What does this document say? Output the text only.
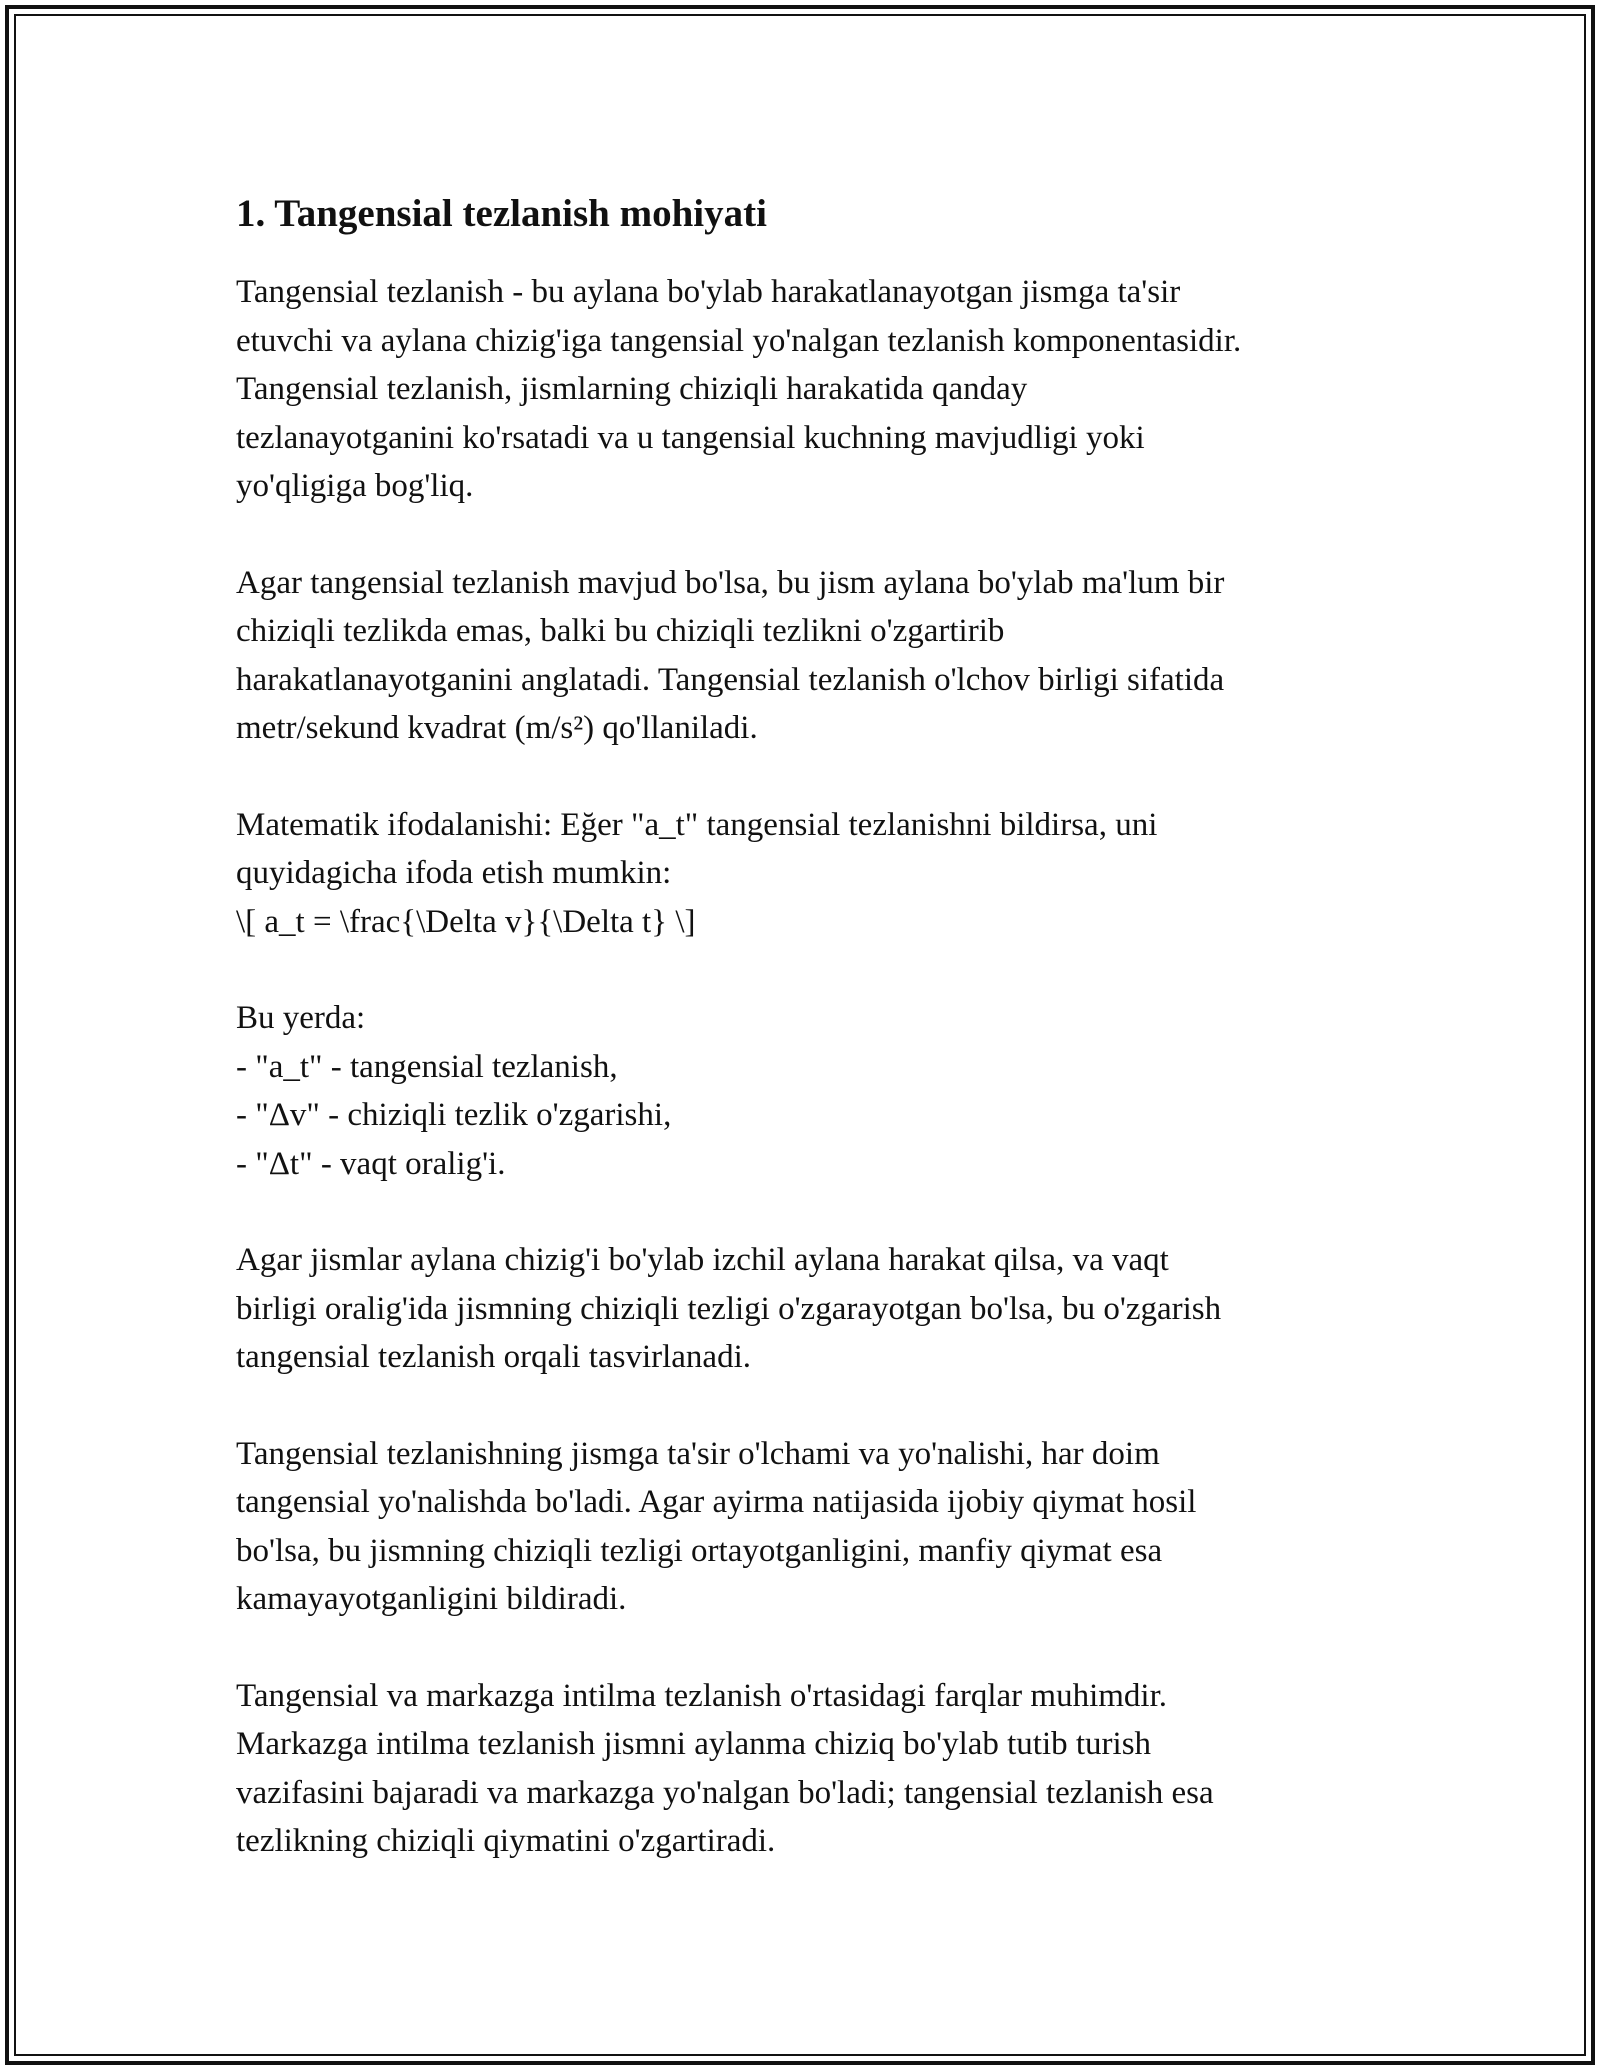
1. Tangensial tezlanish mohiyati

Tangensial tezlanish - bu aylana bo'ylab harakatlanayotgan jismga ta'sir
etuvchi va aylana chizig'iga tangensial yo'nalgan tezlanish komponentasidir.
Tangensial tezlanish, jismlarning chiziqli harakatida qanday
tezlanayotganini ko'rsatadi va u tangensial kuchning mavjudligi yoki
yo'qligiga bog'liq.

Agar tangensial tezlanish mavjud bo'lsa, bu jism aylana bo'ylab ma'lum bir
chiziqli tezlikda emas, balki bu chiziqli tezlikni o'zgartirib
harakatlanayotganini anglatadi. Tangensial tezlanish o'lchov birligi sifatida
metr/sekund kvadrat (m/s²) qo'llaniladi.

Matematik ifodalanishi: Eğer "a_t" tangensial tezlanishni bildirsa, uni
quyidagicha ifoda etish mumkin:
\[ a_t = \frac{\Delta v}{\Delta t} \]

Bu yerda:
- "a_t" - tangensial tezlanish,
- "Δv" - chiziqli tezlik o'zgarishi,
- "Δt" - vaqt oralig'i.

Agar jismlar aylana chizig'i bo'ylab izchil aylana harakat qilsa, va vaqt
birligi oralig'ida jismning chiziqli tezligi o'zgarayotgan bo'lsa, bu o'zgarish
tangensial tezlanish orqali tasvirlanadi.

Tangensial tezlanishning jismga ta'sir o'lchami va yo'nalishi, har doim
tangensial yo'nalishda bo'ladi. Agar ayirma natijasida ijobiy qiymat hosil
bo'lsa, bu jismning chiziqli tezligi ortayotganligini, manfiy qiymat esa
kamayayotganligini bildiradi.

Tangensial va markazga intilma tezlanish o'rtasidagi farqlar muhimdir.
Markazga intilma tezlanish jismni aylanma chiziq bo'ylab tutib turish
vazifasini bajaradi va markazga yo'nalgan bo'ladi; tangensial tezlanish esa
tezlikning chiziqli qiymatini o'zgartiradi.
